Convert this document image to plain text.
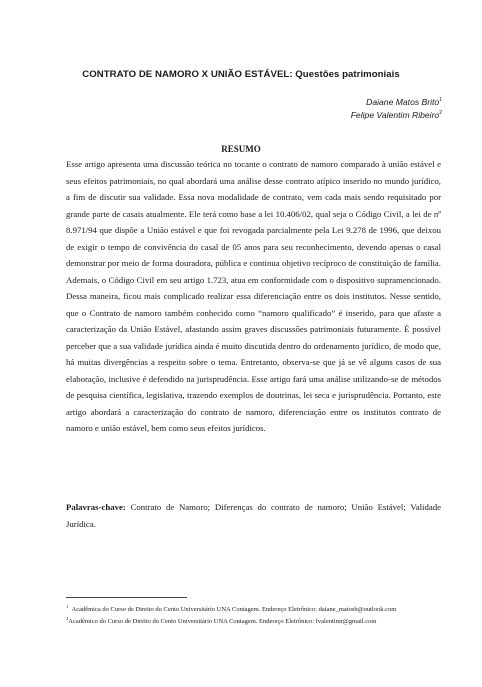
CONTRATO DE NAMORO X UNIÃO ESTÁVEL: Questões patrimoniais
Daiane Matos Brito$^1$
Felipe Valentim Ribeiro$^2$
RESUMO

Esse artigo apresenta uma discussão teórica no tocante o contrato de namoro comparado à união estável e seus efeitos patrimoniais, no qual abordará uma análise desse contrato atípico inserido no mundo jurídico, a fim de discutir sua validade. Essa nova modalidade de contrato, vem cada mais sendo requisitado por grande parte de casais atualmente. Ele terá como base a lei 10.406/02, qual seja o Código Civil, a lei de nº 8.971/94 que dispõe a União estável e que foi revogada parcialmente pela Lei 9.278 de 1996, que deixou de exigir o tempo de convivência do casal de 05 anos para seu reconhecimento, devendo apenas o casal demonstrar por meio de forma douradora, pública e continua objetivo recíproco de constituição de família. Ademais, o Código Civil em seu artigo 1.723, atua em conformidade com o dispositivo supramencionado. Dessa maneira, ficou mais complicado realizar essa diferenciação entre os dois institutos. Nesse sentido, que o Contrato de namoro também conhecido como “namoro qualificado” é inserido, para que afaste a caracterização da União Estável, afastando assim graves discussões patrimoniais futuramente. É possível perceber que a sua validade jurídica ainda é muito discutida dentro do ordenamento jurídico, de modo que, há muitas divergências a respeito sobre o tema. Entretanto, observa-se que já se vê alguns casos de sua elaboração, inclusive é defendido na jurisprudência. Esse artigo fará uma análise utilizando-se de métodos de pesquisa científica, legislativa, trazendo exemplos de doutrinas, lei seca e jurisprudência. Portanto, este artigo abordará a caracterização do contrato de namoro, diferenciação entre os institutos contrato de namoro e união estável, bem como seus efeitos jurídicos.

Palavras-chave: Contrato de Namoro; Diferenças do contrato de namoro; União Estável; Validade Jurídica.

$^1$ Acadêmica do Curso de Direito do Cento Universitário UNA Contagem. Endereço Eletrônico: daiane_matosb@outlook.com

$^2$Acadêmico do Curso de Direito do Cento Universitário UNA Contagem. Endereço Eletrônico: fvalentimr@gmail.com
